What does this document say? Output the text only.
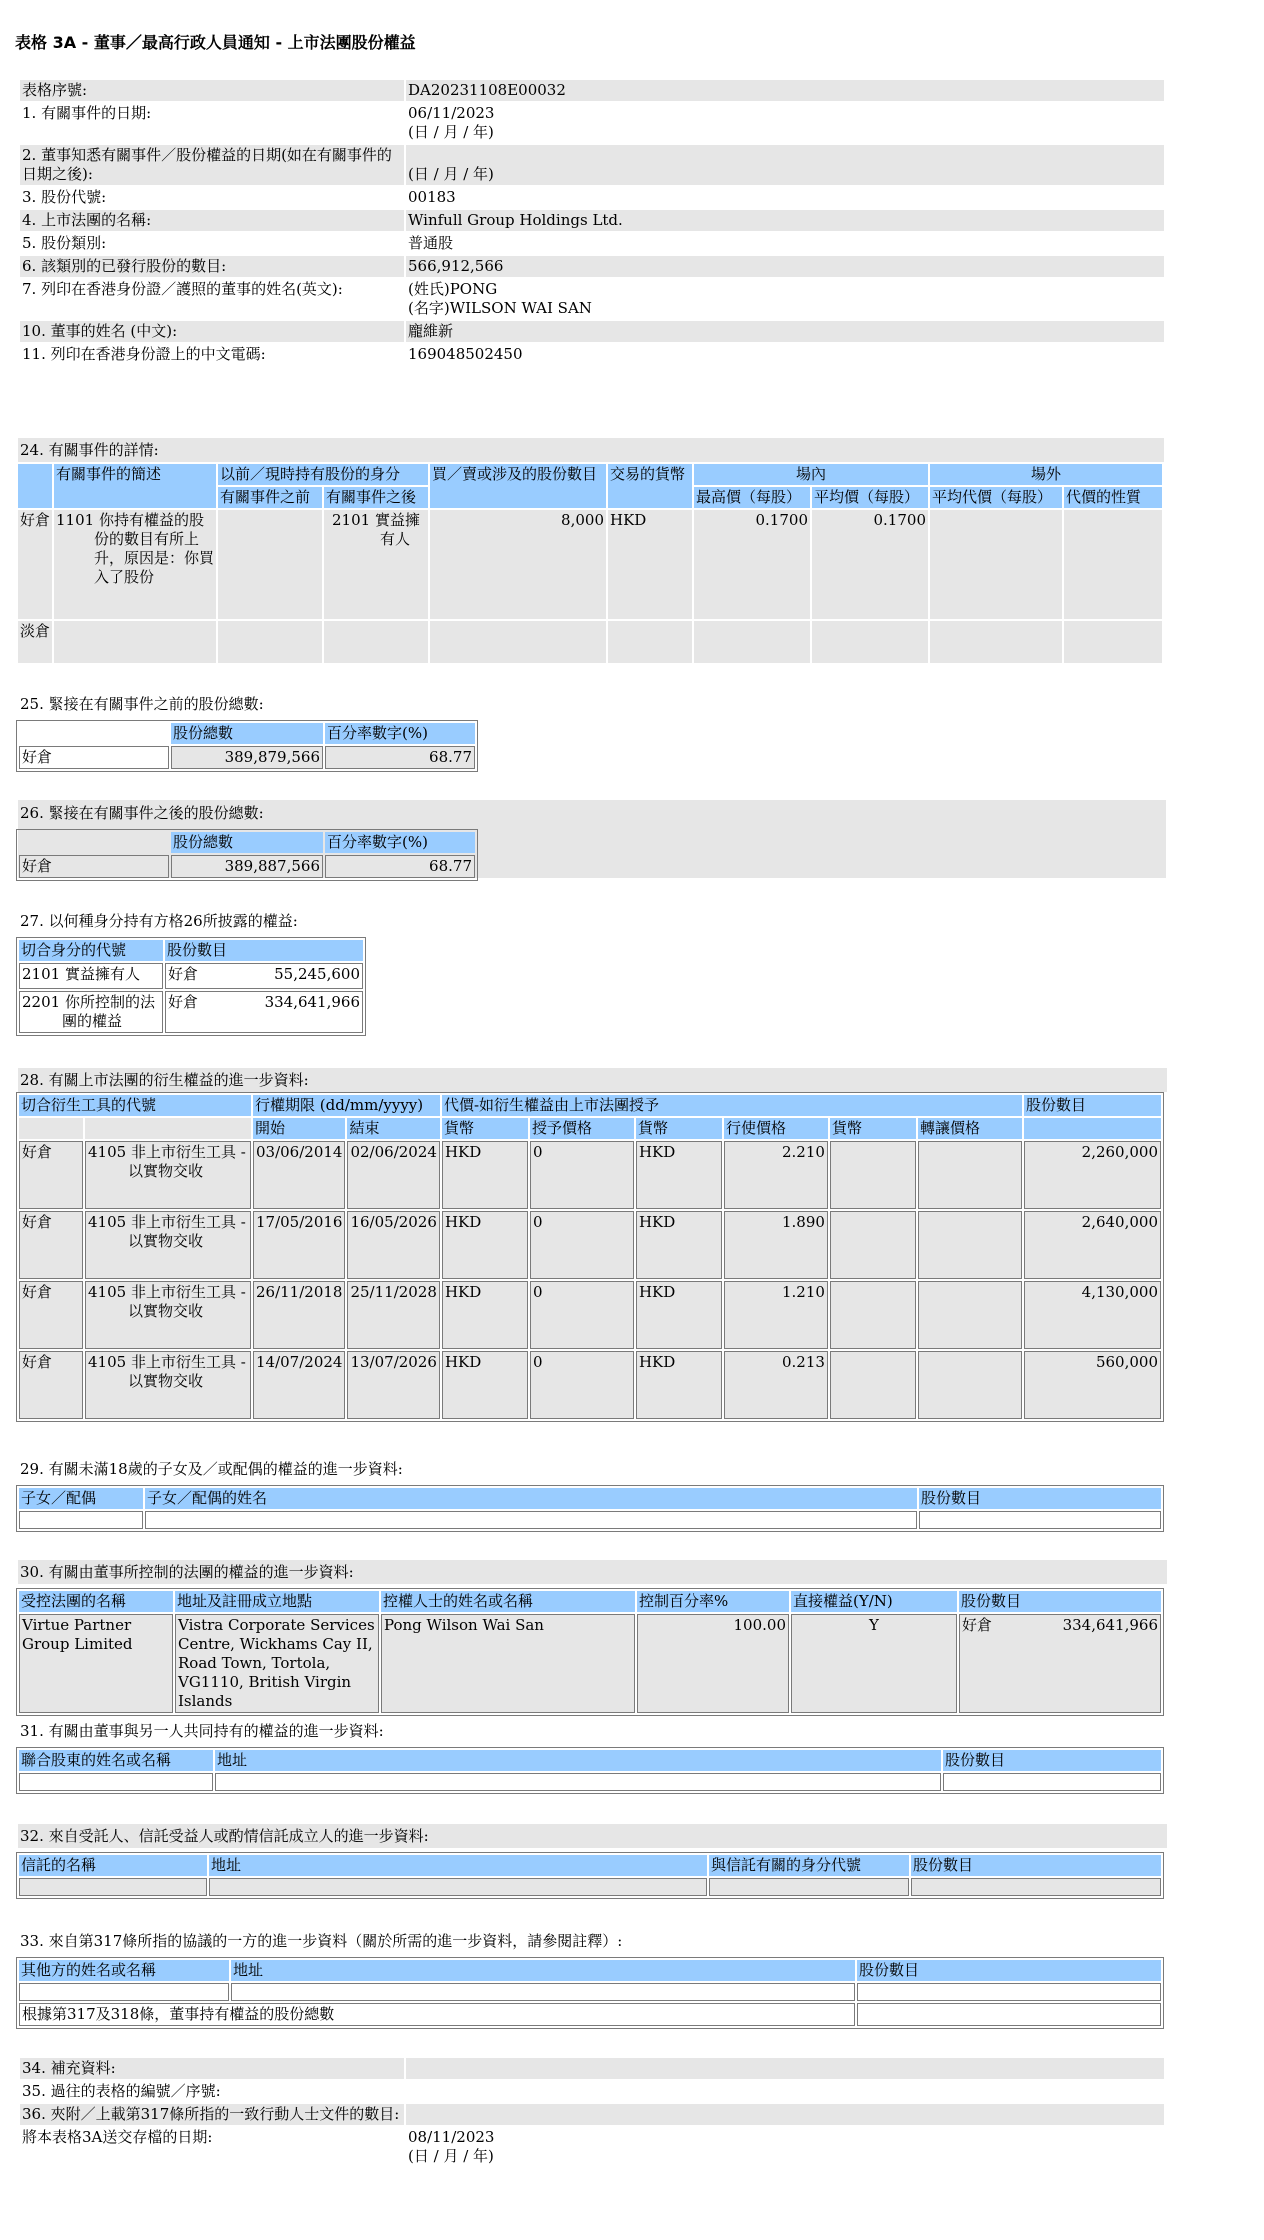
表格 3A - 董事／最高行政人員通知 - 上市法團股份權益
表格序號:	DA20231108E00032
1. 有關事件的日期:	06/11/2023
(日 / 月 / 年)

2. 董事知悉有關事件／股份權益的日期(如在有關事件的日期之後):	(日 / 月 / 年)
3. 股份代號:	00183
4. 上市法團的名稱:	Winfull Group Holdings Ltd.
5. 股份類別:	普通股
6. 該類別的已發行股份的數目:	566,912,566
7. 列印在香港身份證／護照的董事的姓名(英文):	(姓氏)PONG
(名字)WILSON WAI SAN

10. 董事的姓名 (中文):	龐維新
11. 列印在香港身份證上的中文電碼:	169048502450
24. 有關事件的詳情:
	有關事件的簡述	以前／現時持有股份的身分		買／賣或涉及的股份數目	交易的貨幣	場內		場外	
		有關事件之前	有關事件之後			最高價（每股）	平均價（每股）	平均代價（每股）	代價的性質
好倉	1101 你持有權益的股份的數目有所上升，原因是：你買入了股份		2101 實益擁有人	8,000	HKD	0.1700	0.1700		
淡倉									
25. 緊接在有關事件之前的股份總數:
	股份總數	百分率數字(%)
好倉	389,879,566	68.77
26. 緊接在有關事件之後的股份總數:
	股份總數	百分率數字(%)
好倉	389,887,566	68.77
27. 以何種身分持有方格26所披露的權益:
切合身分的代號	股份數目

2101 實益擁有人	好倉 55,245,600

2201 你所控制的法團的權益	好倉 334,641,966
28. 有關上市法團的衍生權益的進一步資料:
切合衍生工具的代號		行權期限 (dd/mm/yyyy)		代價-如衍生權益由上市法團授予						股份數目
		開始	結束	貨幣	授予價格	貨幣	行使價格	貨幣	轉讓價格	
好倉	4105 非上市衍生工具 - 以實物交收	03/06/2014	02/06/2024	HKD	0	HKD	2.210			2,260,000
好倉	4105 非上市衍生工具 - 以實物交收	17/05/2016	16/05/2026	HKD	0	HKD	1.890			2,640,000
好倉	4105 非上市衍生工具 - 以實物交收	26/11/2018	25/11/2028	HKD	0	HKD	1.210			4,130,000
好倉	4105 非上市衍生工具 - 以實物交收	14/07/2024	13/07/2026	HKD	0	HKD	0.213			560,000
29. 有關未滿18歲的子女及／或配偶的權益的進一步資料:
子女／配偶	子女／配偶的姓名	股份數目

30. 有關由董事所控制的法團的權益的進一步資料:
受控法團的名稱	地址及註冊成立地點	控權人士的姓名或名稱	控制百分率%	直接權益(Y/N)	股份數目
Virtue Partner Group Limited	Vistra Corporate Services Centre, Wickhams Cay II, Road Town, Tortola, VG1110, British Virgin Islands	Pong Wilson Wai San	100.00	Y	好倉 334,641,966
31. 有關由董事與另一人共同持有的權益的進一步資料:
聯合股東的姓名或名稱	地址	股份數目

32. 來自受託人、信託受益人或酌情信託成立人的進一步資料:
信託的名稱	地址	與信託有關的身分代號	股份數目

33. 來自第317條所指的協議的一方的進一步資料（關於所需的進一步資料，請參閱註釋）:
其他方的姓名或名稱	地址	股份數目

根據第317及318條，董事持有權益的股份總數		
34. 補充資料:	
35. 過往的表格的編號／序號:	
36. 夾附／上載第317條所指的一致行動人士文件的數目:	
將本表格3A送交存檔的日期:	08/11/2023
(日 / 月 / 年)
